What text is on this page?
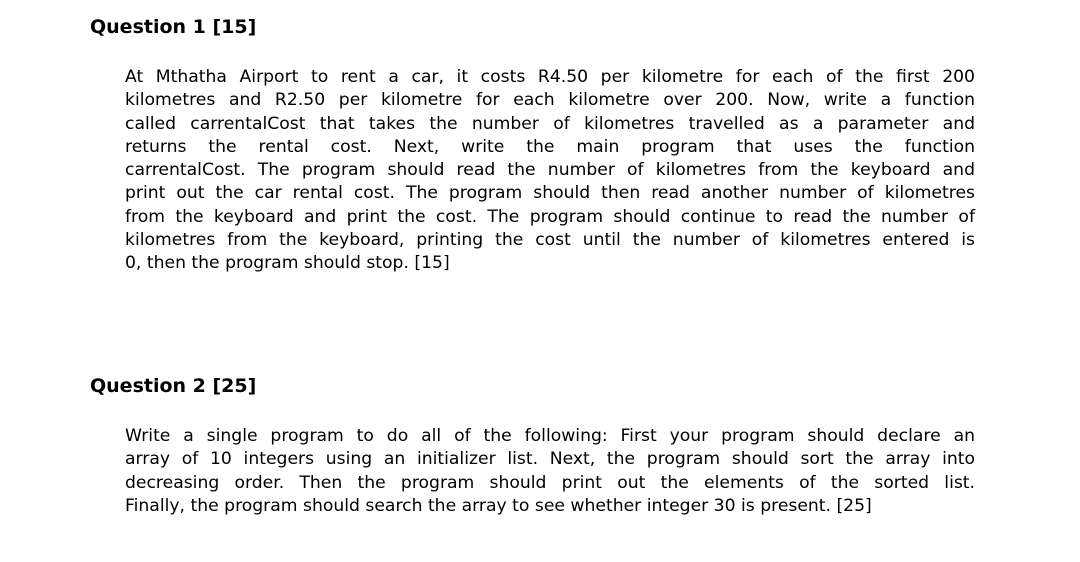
Question 1 [15]
At Mthatha Airport to rent a car, it costs R4.50 per kilometre for each of the first 200
kilometres and R2.50 per kilometre for each kilometre over 200. Now, write a function
called carrentalCost that takes the number of kilometres travelled as a parameter and
returns the rental cost. Next, write the main program that uses the function
carrentalCost. The program should read the number of kilometres from the keyboard and
print out the car rental cost. The program should then read another number of kilometres
from the keyboard and print the cost. The program should continue to read the number of
kilometres from the keyboard, printing the cost until the number of kilometres entered is
0, then the program should stop. [15]
Question 2 [25]
Write a single program to do all of the following: First your program should declare an
array of 10 integers using an initializer list. Next, the program should sort the array into
decreasing order. Then the program should print out the elements of the sorted list.
Finally, the program should search the array to see whether integer 30 is present. [25]
